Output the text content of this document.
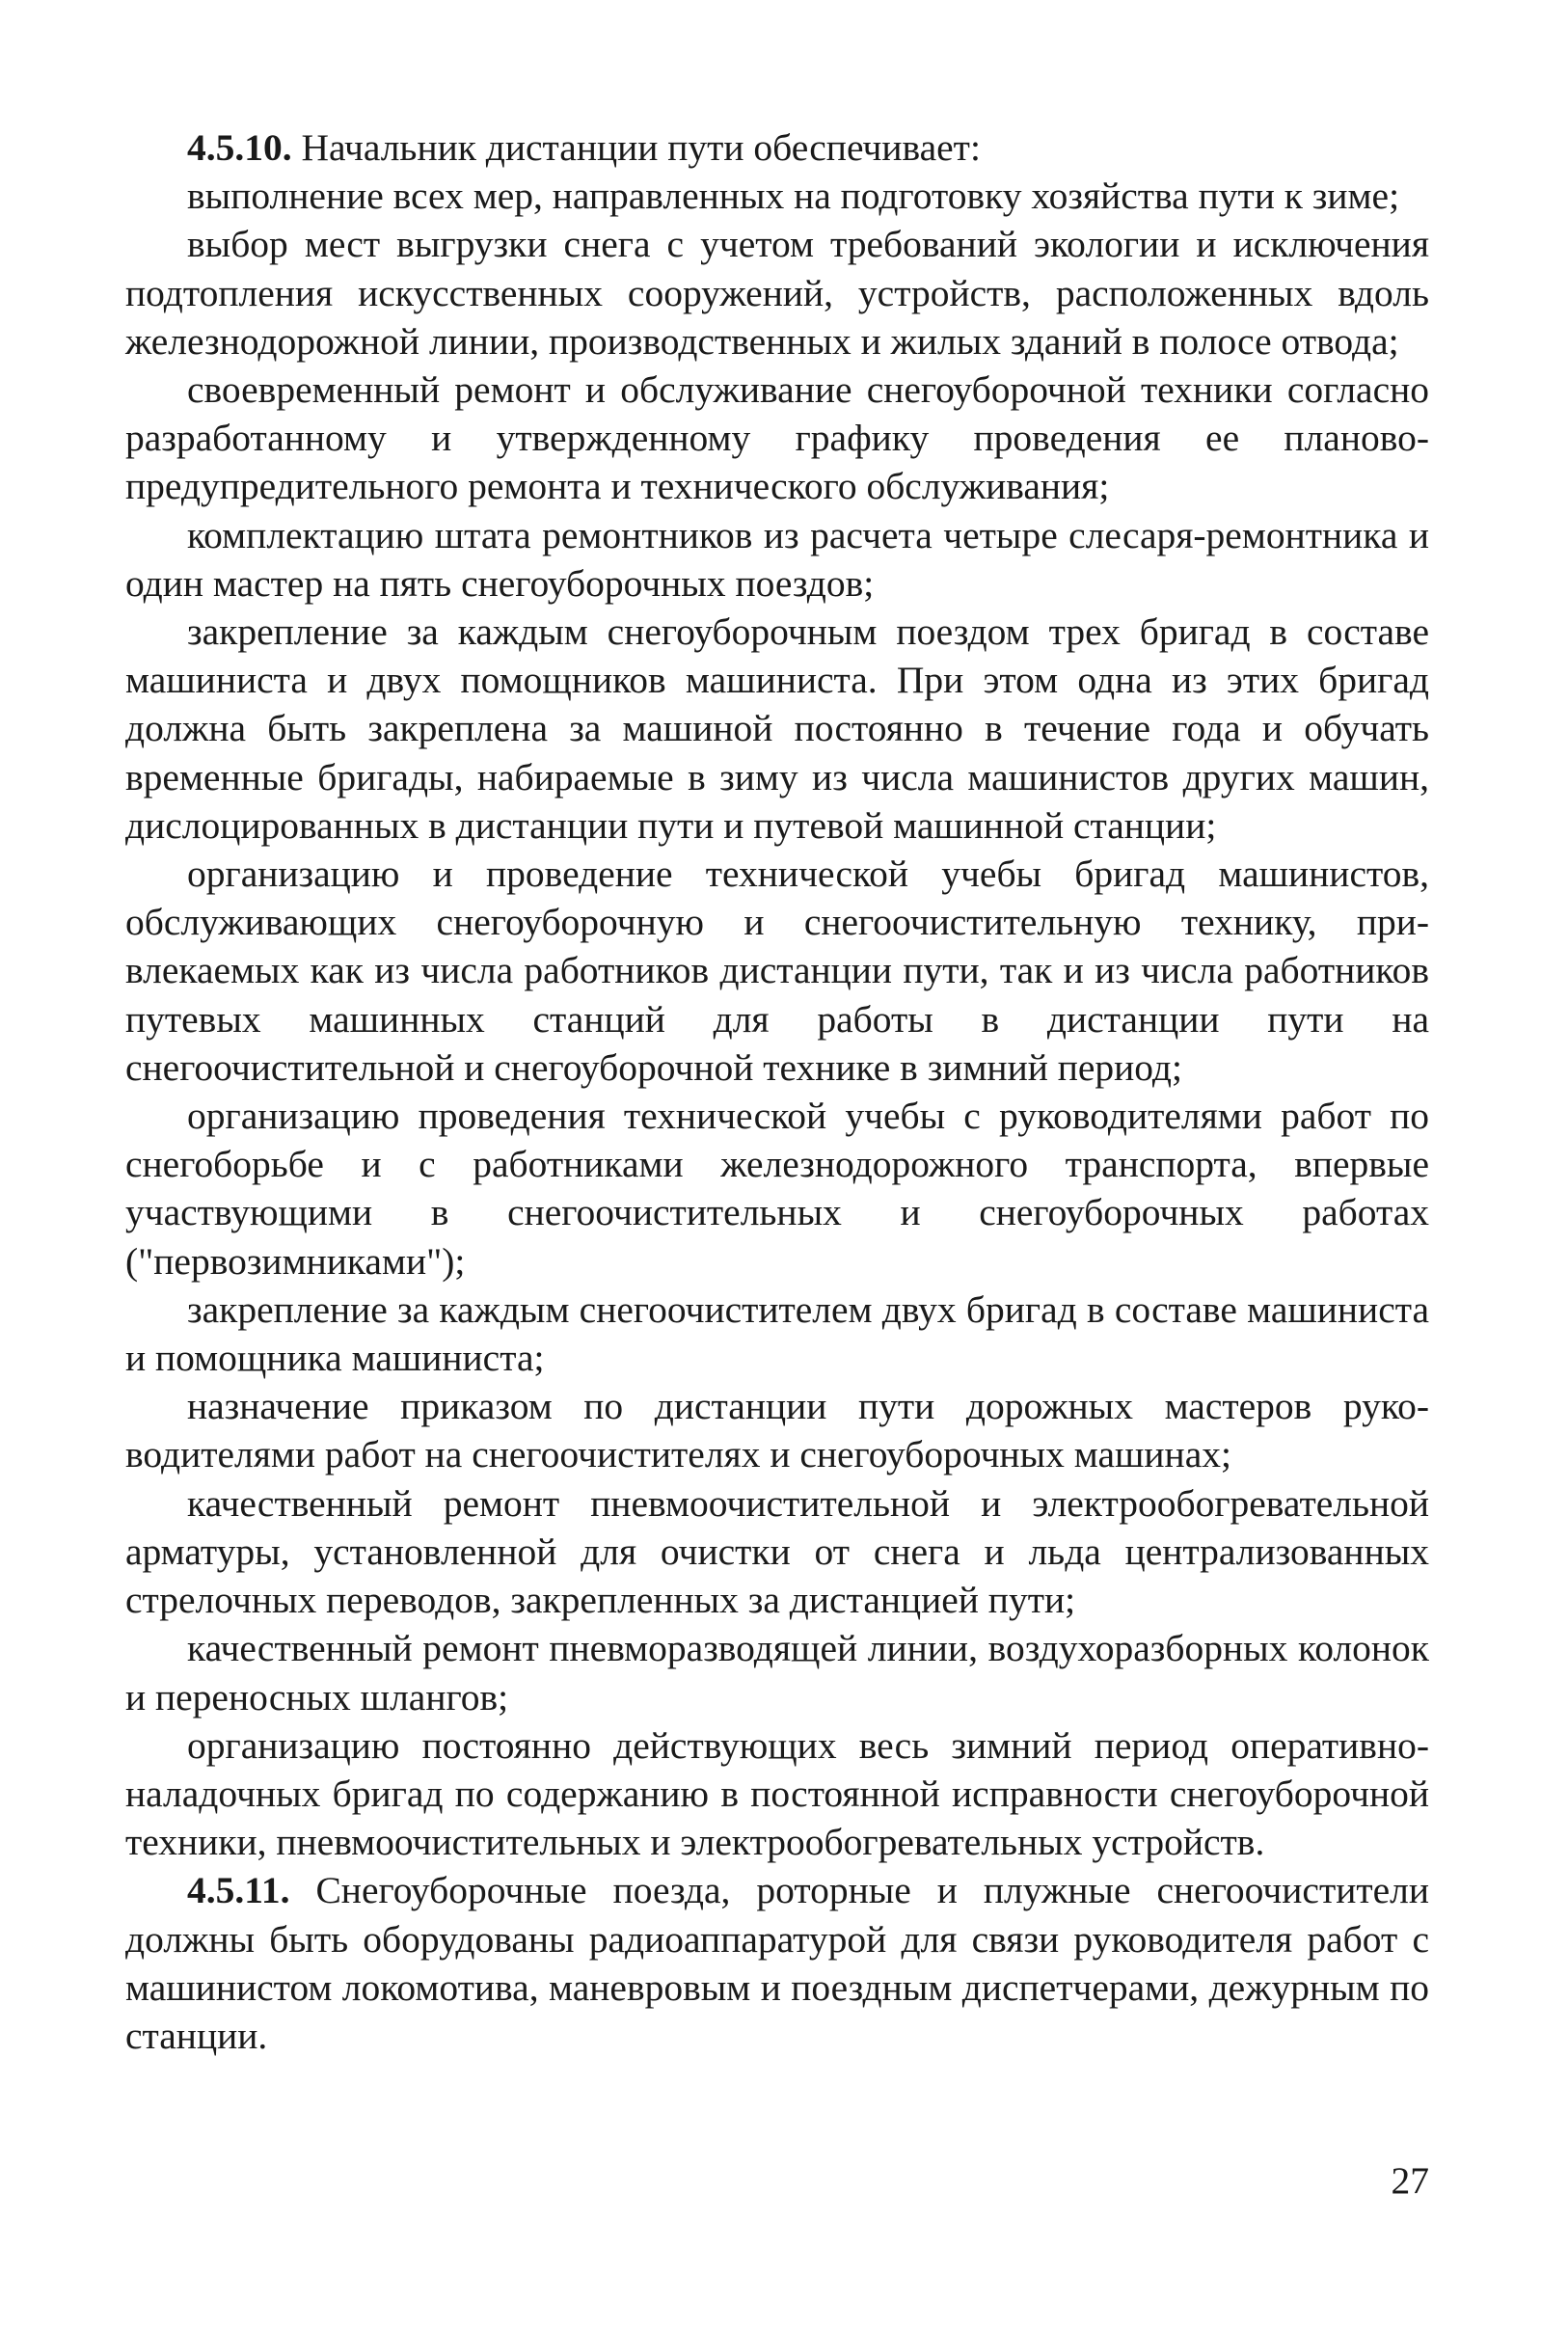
4.5.10. Начальник дистанции пути обеспечивает:

выполнение всех мер, направленных на подготовку хозяйства пути к зиме;

выбор мест выгрузки снега с учетом требований экологии и исключения подтопления искусственных сооружений, устройств, расположенных вдоль железнодорожной линии, производственных и жилых зданий в полосе отвода;

своевременный ремонт и обслуживание снегоуборочной техники согласно разработанному и утвержденному графику проведения ее планово-предупредительного ремонта и технического обслуживания;

комплектацию штата ремонтников из расчета четыре слесаря-ремонтника и один мастер на пять снегоуборочных поездов;

закрепление за каждым снегоуборочным поездом трех бригад в составе машиниста и двух помощников машиниста. При этом одна из этих бригад должна быть закреплена за машиной постоянно в течение года и обучать временные бригады, набираемые в зиму из числа машинистов других машин, дислоцированных в дистанции пути и путевой машинной станции;

организацию и проведение технической учебы бригад машинистов, обслуживающих снегоуборочную и снегоочистительную технику, привлекаемых как из числа работников дистанции пути, так и из числа работников путевых машинных станций для работы в дистанции пути на снегоочистительной и снегоуборочной технике в зимний период;

организацию проведения технической учебы с руководителями работ по снегоборьбе и с работниками железнодорожного транспорта, впервые участвующими в снегоочистительных и снегоуборочных работах ("первозимниками");

закрепление за каждым снегоочистителем двух бригад в составе машиниста и помощника машиниста;

назначение приказом по дистанции пути дорожных мастеров руководителями работ на снегоочистителях и снегоуборочных машинах;

качественный ремонт пневмоочистительной и электрообогревательной арматуры, установленной для очистки от снега и льда централизованных стрелочных переводов, закрепленных за дистанцией пути;

качественный ремонт пневморазводящей линии, воздухоразборных колонок и переносных шлангов;

организацию постоянно действующих весь зимний период оперативно-наладочных бригад по содержанию в постоянной исправности снегоуборочной техники, пневмоочистительных и электрообогревательных устройств.

4.5.11. Снегоуборочные поезда, роторные и плужные снегоочистители должны быть оборудованы радиоаппаратурой для связи руководителя работ с машинистом локомотива, маневровым и поездным диспетчерами, дежурным по станции.

27
